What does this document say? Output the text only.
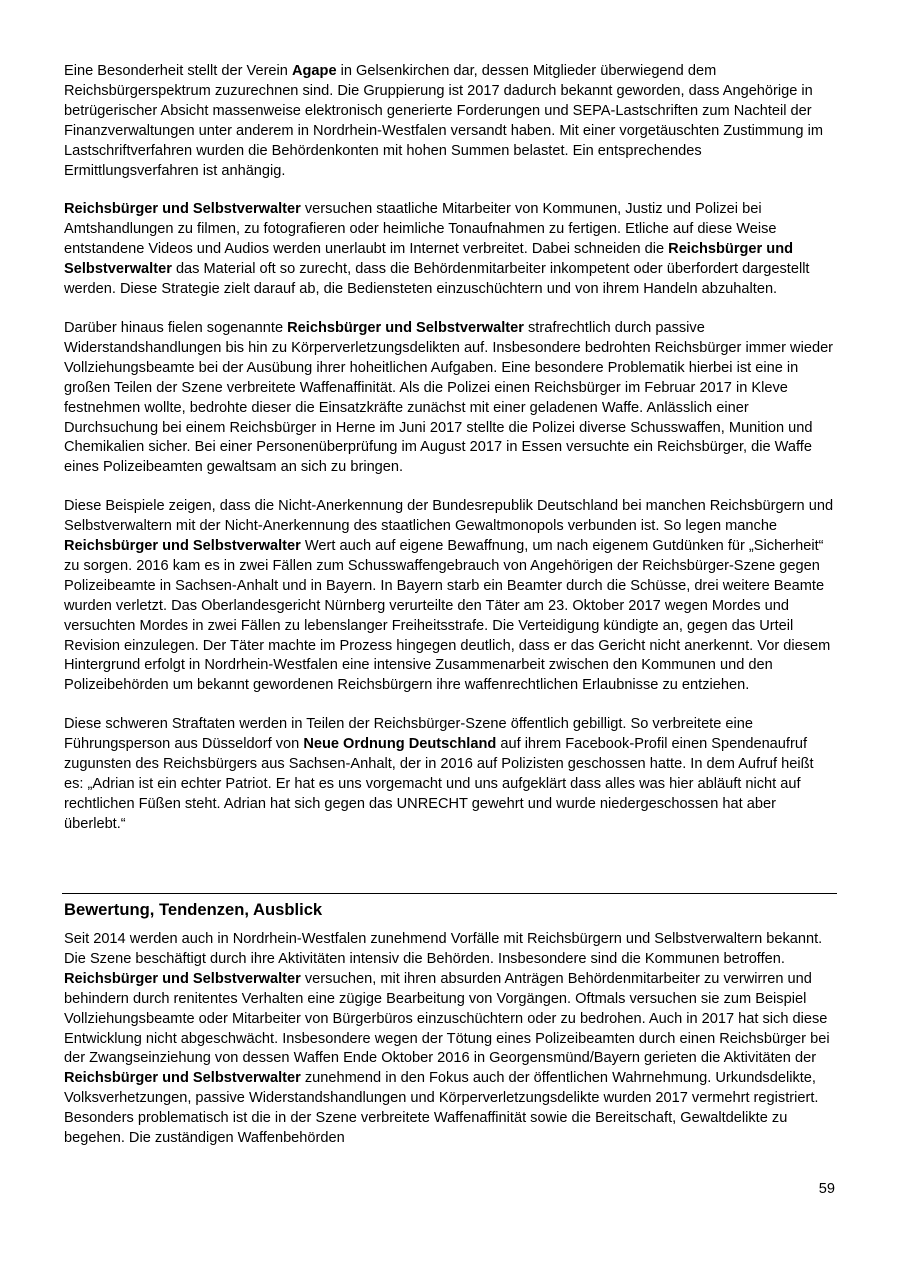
Eine Besonderheit stellt der Verein Agape in Gelsenkirchen dar, dessen Mitglieder überwiegend dem Reichsbürgerspektrum zuzurechnen sind. Die Gruppierung ist 2017 dadurch bekannt geworden, dass Angehörige in betrügerischer Absicht massenweise elektronisch generierte Forderungen und SEPA-Lastschriften zum Nachteil der Finanzverwaltungen unter anderem in Nordrhein-Westfalen versandt haben. Mit einer vorgetäuschten Zustimmung im Lastschriftverfahren wurden die Behördenkonten mit hohen Summen belastet. Ein entsprechendes Ermittlungsverfahren ist anhängig.

Reichsbürger und Selbstverwalter versuchen staatliche Mitarbeiter von Kommunen, Justiz und Polizei bei Amtshandlungen zu filmen, zu fotografieren oder heimliche Tonaufnahmen zu fertigen. Etliche auf diese Weise entstandene Videos und Audios werden unerlaubt im Internet verbreitet. Dabei schneiden die Reichsbürger und Selbstverwalter das Material oft so zurecht, dass die Behördenmitarbeiter inkompetent oder überfordert dargestellt werden. Diese Strategie zielt darauf ab, die Bediensteten einzuschüchtern und von ihrem Handeln abzuhalten.

Darüber hinaus fielen sogenannte Reichsbürger und Selbstverwalter strafrechtlich durch passive Widerstandshandlungen bis hin zu Körperverletzungsdelikten auf. Insbesondere bedrohten Reichsbürger immer wieder Vollziehungsbeamte bei der Ausübung ihrer hoheitlichen Aufgaben. Eine besondere Problematik hierbei ist eine in großen Teilen der Szene verbreitete Waffenaffinität. Als die Polizei einen Reichsbürger im Februar 2017 in Kleve festnehmen wollte, bedrohte dieser die Einsatzkräfte zunächst mit einer geladenen Waffe. Anlässlich einer Durchsuchung bei einem Reichsbürger in Herne im Juni 2017 stellte die Polizei diverse Schusswaffen, Munition und Chemikalien sicher. Bei einer Personenüberprüfung im August 2017 in Essen versuchte ein Reichsbürger, die Waffe eines Polizeibeamten gewaltsam an sich zu bringen.

Diese Beispiele zeigen, dass die Nicht-Anerkennung der Bundesrepublik Deutschland bei manchen Reichsbürgern und Selbstverwaltern mit der Nicht-Anerkennung des staatlichen Gewaltmonopols verbunden ist. So legen manche Reichsbürger und Selbstverwalter Wert auch auf eigene Bewaffnung, um nach eigenem Gutdünken für „Sicherheit“ zu sorgen. 2016 kam es in zwei Fällen zum Schusswaffengebrauch von Angehörigen der Reichsbürger-Szene gegen Polizeibeamte in Sachsen-Anhalt und in Bayern. In Bayern starb ein Beamter durch die Schüsse, drei weitere Beamte wurden verletzt. Das Oberlandesgericht Nürnberg verurteilte den Täter am 23. Oktober 2017 wegen Mordes und versuchten Mordes in zwei Fällen zu lebenslanger Freiheitsstrafe. Die Verteidigung kündigte an, gegen das Urteil Revision einzulegen. Der Täter machte im Prozess hingegen deutlich, dass er das Gericht nicht anerkennt. Vor diesem Hintergrund erfolgt in Nordrhein-Westfalen eine intensive Zusammenarbeit zwischen den Kommunen und den Polizeibehörden um bekannt gewordenen Reichsbürgern ihre waffenrechtlichen Erlaubnisse zu entziehen.

Diese schweren Straftaten werden in Teilen der Reichsbürger-Szene öffentlich gebilligt. So verbreitete eine Führungsperson aus Düsseldorf von Neue Ordnung Deutschland auf ihrem Facebook-Profil einen Spendenaufruf zugunsten des Reichsbürgers aus Sachsen-Anhalt, der in 2016 auf Polizisten geschossen hatte. In dem Aufruf heißt es: „Adrian ist ein echter Patriot. Er hat es uns vorgemacht und uns aufgeklärt dass alles was hier abläuft nicht auf rechtlichen Füßen steht. Adrian hat sich gegen das UNRECHT gewehrt und wurde niedergeschossen hat aber überlebt.“

Bewertung, Tendenzen, Ausblick

Seit 2014 werden auch in Nordrhein-Westfalen zunehmend Vorfälle mit Reichsbürgern und Selbstverwaltern bekannt. Die Szene beschäftigt durch ihre Aktivitäten intensiv die Behörden. Insbesondere sind die Kommunen betroffen. Reichsbürger und Selbstverwalter versuchen, mit ihren absurden Anträgen Behördenmitarbeiter zu verwirren und behindern durch renitentes Verhalten eine zügige Bearbeitung von Vorgängen. Oftmals versuchen sie zum Beispiel Vollziehungsbeamte oder Mitarbeiter von Bürgerbüros einzuschüchtern oder zu bedrohen. Auch in 2017 hat sich diese Entwicklung nicht abgeschwächt. Insbesondere wegen der Tötung eines Polizeibeamten durch einen Reichsbürger bei der Zwangseinziehung von dessen Waffen Ende Oktober 2016 in Georgensmünd/Bayern gerieten die Aktivitäten der Reichsbürger und Selbstverwalter zunehmend in den Fokus auch der öffentlichen Wahrnehmung. Urkundsdelikte, Volksverhetzungen, passive Widerstandshandlungen und Körperverletzungsdelikte wurden 2017 vermehrt registriert. Besonders problematisch ist die in der Szene verbreitete Waffenaffinität sowie die Bereitschaft, Gewaltdelikte zu begehen. Die zuständigen Waffenbehörden

59
